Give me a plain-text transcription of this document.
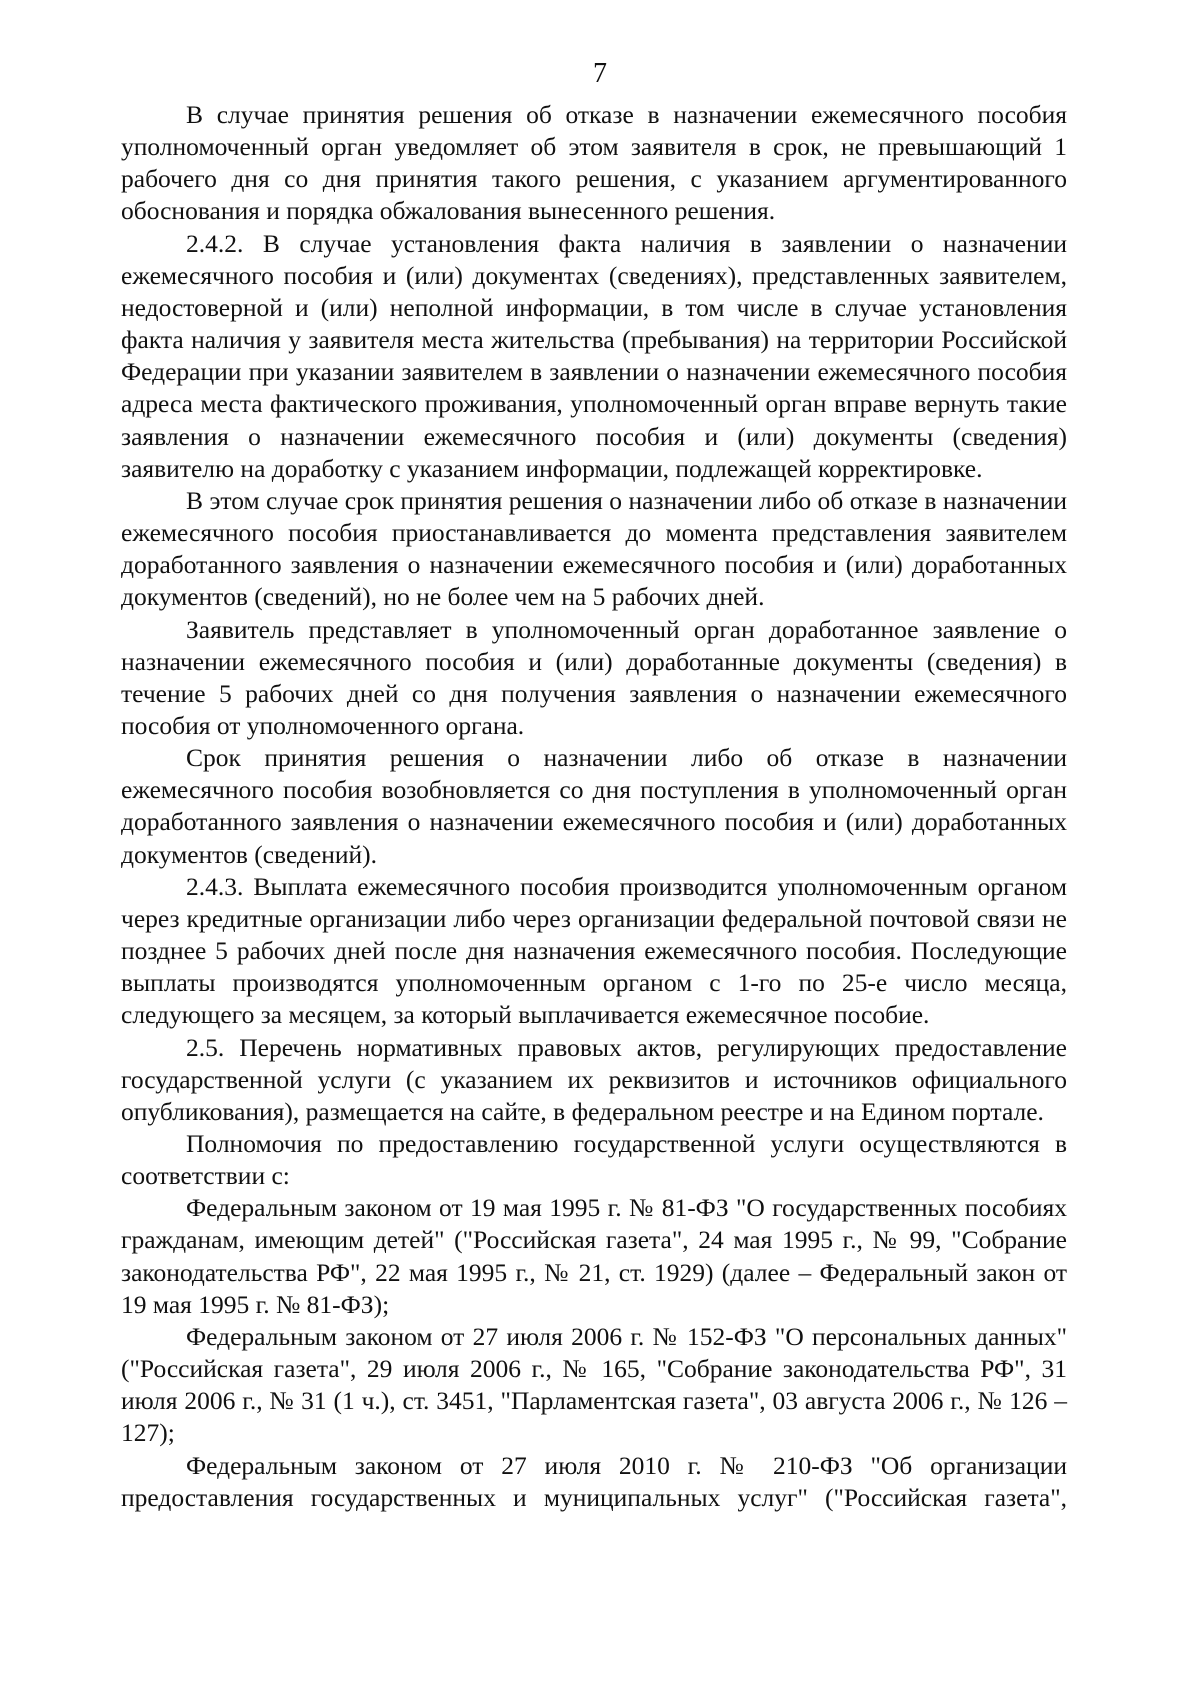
7

В случае принятия решения об отказе в назначении ежемесячного пособия уполномоченный орган уведомляет об этом заявителя в срок, не превышающий 1 рабочего дня со дня принятия такого решения, с указанием аргументированного обоснования и порядка обжалования вынесенного решения.

2.4.2. В случае установления факта наличия в заявлении о назначении ежемесячного пособия и (или) документах (сведениях), представленных заявителем, недостоверной и (или) неполной информации, в том числе в случае установления факта наличия у заявителя места жительства (пребывания) на территории Российской Федерации при указании заявителем в заявлении о назначении ежемесячного пособия адреса места фактического проживания, уполномоченный орган вправе вернуть такие заявления о назначении ежемесячного пособия и (или) документы (сведения) заявителю на доработку с указанием информации, подлежащей корректировке.

В этом случае срок принятия решения о назначении либо об отказе в назначении ежемесячного пособия приостанавливается до момента представления заявителем доработанного заявления о назначении ежемесячного пособия и (или) доработанных документов (сведений), но не более чем на 5 рабочих дней.

Заявитель представляет в уполномоченный орган доработанное заявление о назначении ежемесячного пособия и (или) доработанные документы (сведения) в течение 5 рабочих дней со дня получения заявления о назначении ежемесячного пособия от уполномоченного органа.

Срок принятия решения о назначении либо об отказе в назначении ежемесячного пособия возобновляется со дня поступления в уполномоченный орган доработанного заявления о назначении ежемесячного пособия и (или) доработанных документов (сведений).

2.4.3. Выплата ежемесячного пособия производится уполномоченным органом через кредитные организации либо через организации федеральной почтовой связи не позднее 5 рабочих дней после дня назначения ежемесячного пособия. Последующие выплаты производятся уполномоченным органом с 1-го по 25-е число месяца, следующего за месяцем, за который выплачивается ежемесячное пособие.

2.5. Перечень нормативных правовых актов, регулирующих предоставление государственной услуги (с указанием их реквизитов и источников официального опубликования), размещается на сайте, в федеральном реестре и на Едином портале.

Полномочия по предоставлению государственной услуги осуществляются в соответствии с:

Федеральным законом от 19 мая 1995 г. № 81-ФЗ "О государственных пособиях гражданам, имеющим детей" ("Российская газета", 24 мая 1995 г., № 99, "Собрание законодательства РФ", 22 мая 1995 г., № 21, ст. 1929) (далее – Федеральный закон от 19 мая 1995 г. № 81-ФЗ);

Федеральным законом от 27 июля 2006 г. № 152-ФЗ "О персональных данных" ("Российская газета", 29 июля 2006 г., № 165, "Собрание законодательства РФ", 31 июля 2006 г., № 31 (1 ч.), ст. 3451, "Парламентская газета", 03 августа 2006 г., № 126 – 127);

Федеральным законом от 27 июля 2010 г. № 210-ФЗ "Об организации предоставления государственных и муниципальных услуг" ("Российская газета",
